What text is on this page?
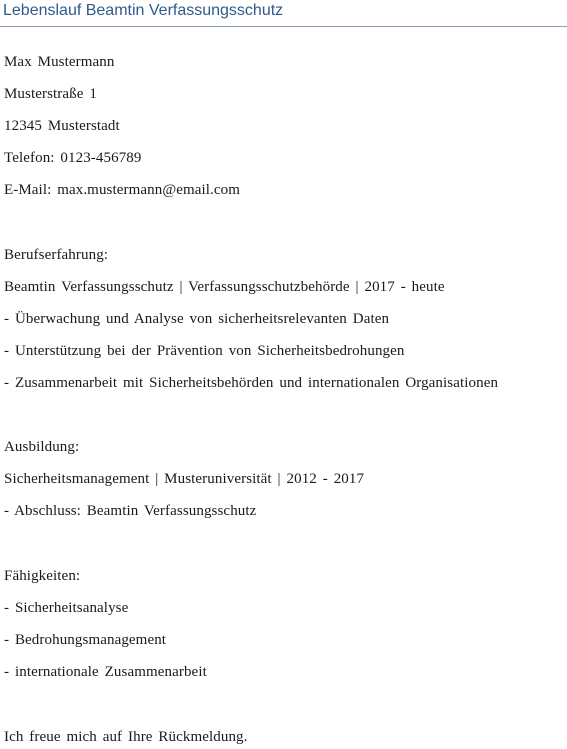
Lebenslauf Beamtin Verfassungsschutz
Max Mustermann
Musterstraße 1
12345 Musterstadt
Telefon: 0123-456789
E-Mail: max.mustermann@email.com
Berufserfahrung:
Beamtin Verfassungsschutz | Verfassungsschutzbehörde | 2017 - heute
- Überwachung und Analyse von sicherheitsrelevanten Daten
- Unterstützung bei der Prävention von Sicherheitsbedrohungen
- Zusammenarbeit mit Sicherheitsbehörden und internationalen Organisationen
Ausbildung:
Sicherheitsmanagement | Musteruniversität | 2012 - 2017
- Abschluss: Beamtin Verfassungsschutz
Fähigkeiten:
- Sicherheitsanalyse
- Bedrohungsmanagement
- internationale Zusammenarbeit
Ich freue mich auf Ihre Rückmeldung.
